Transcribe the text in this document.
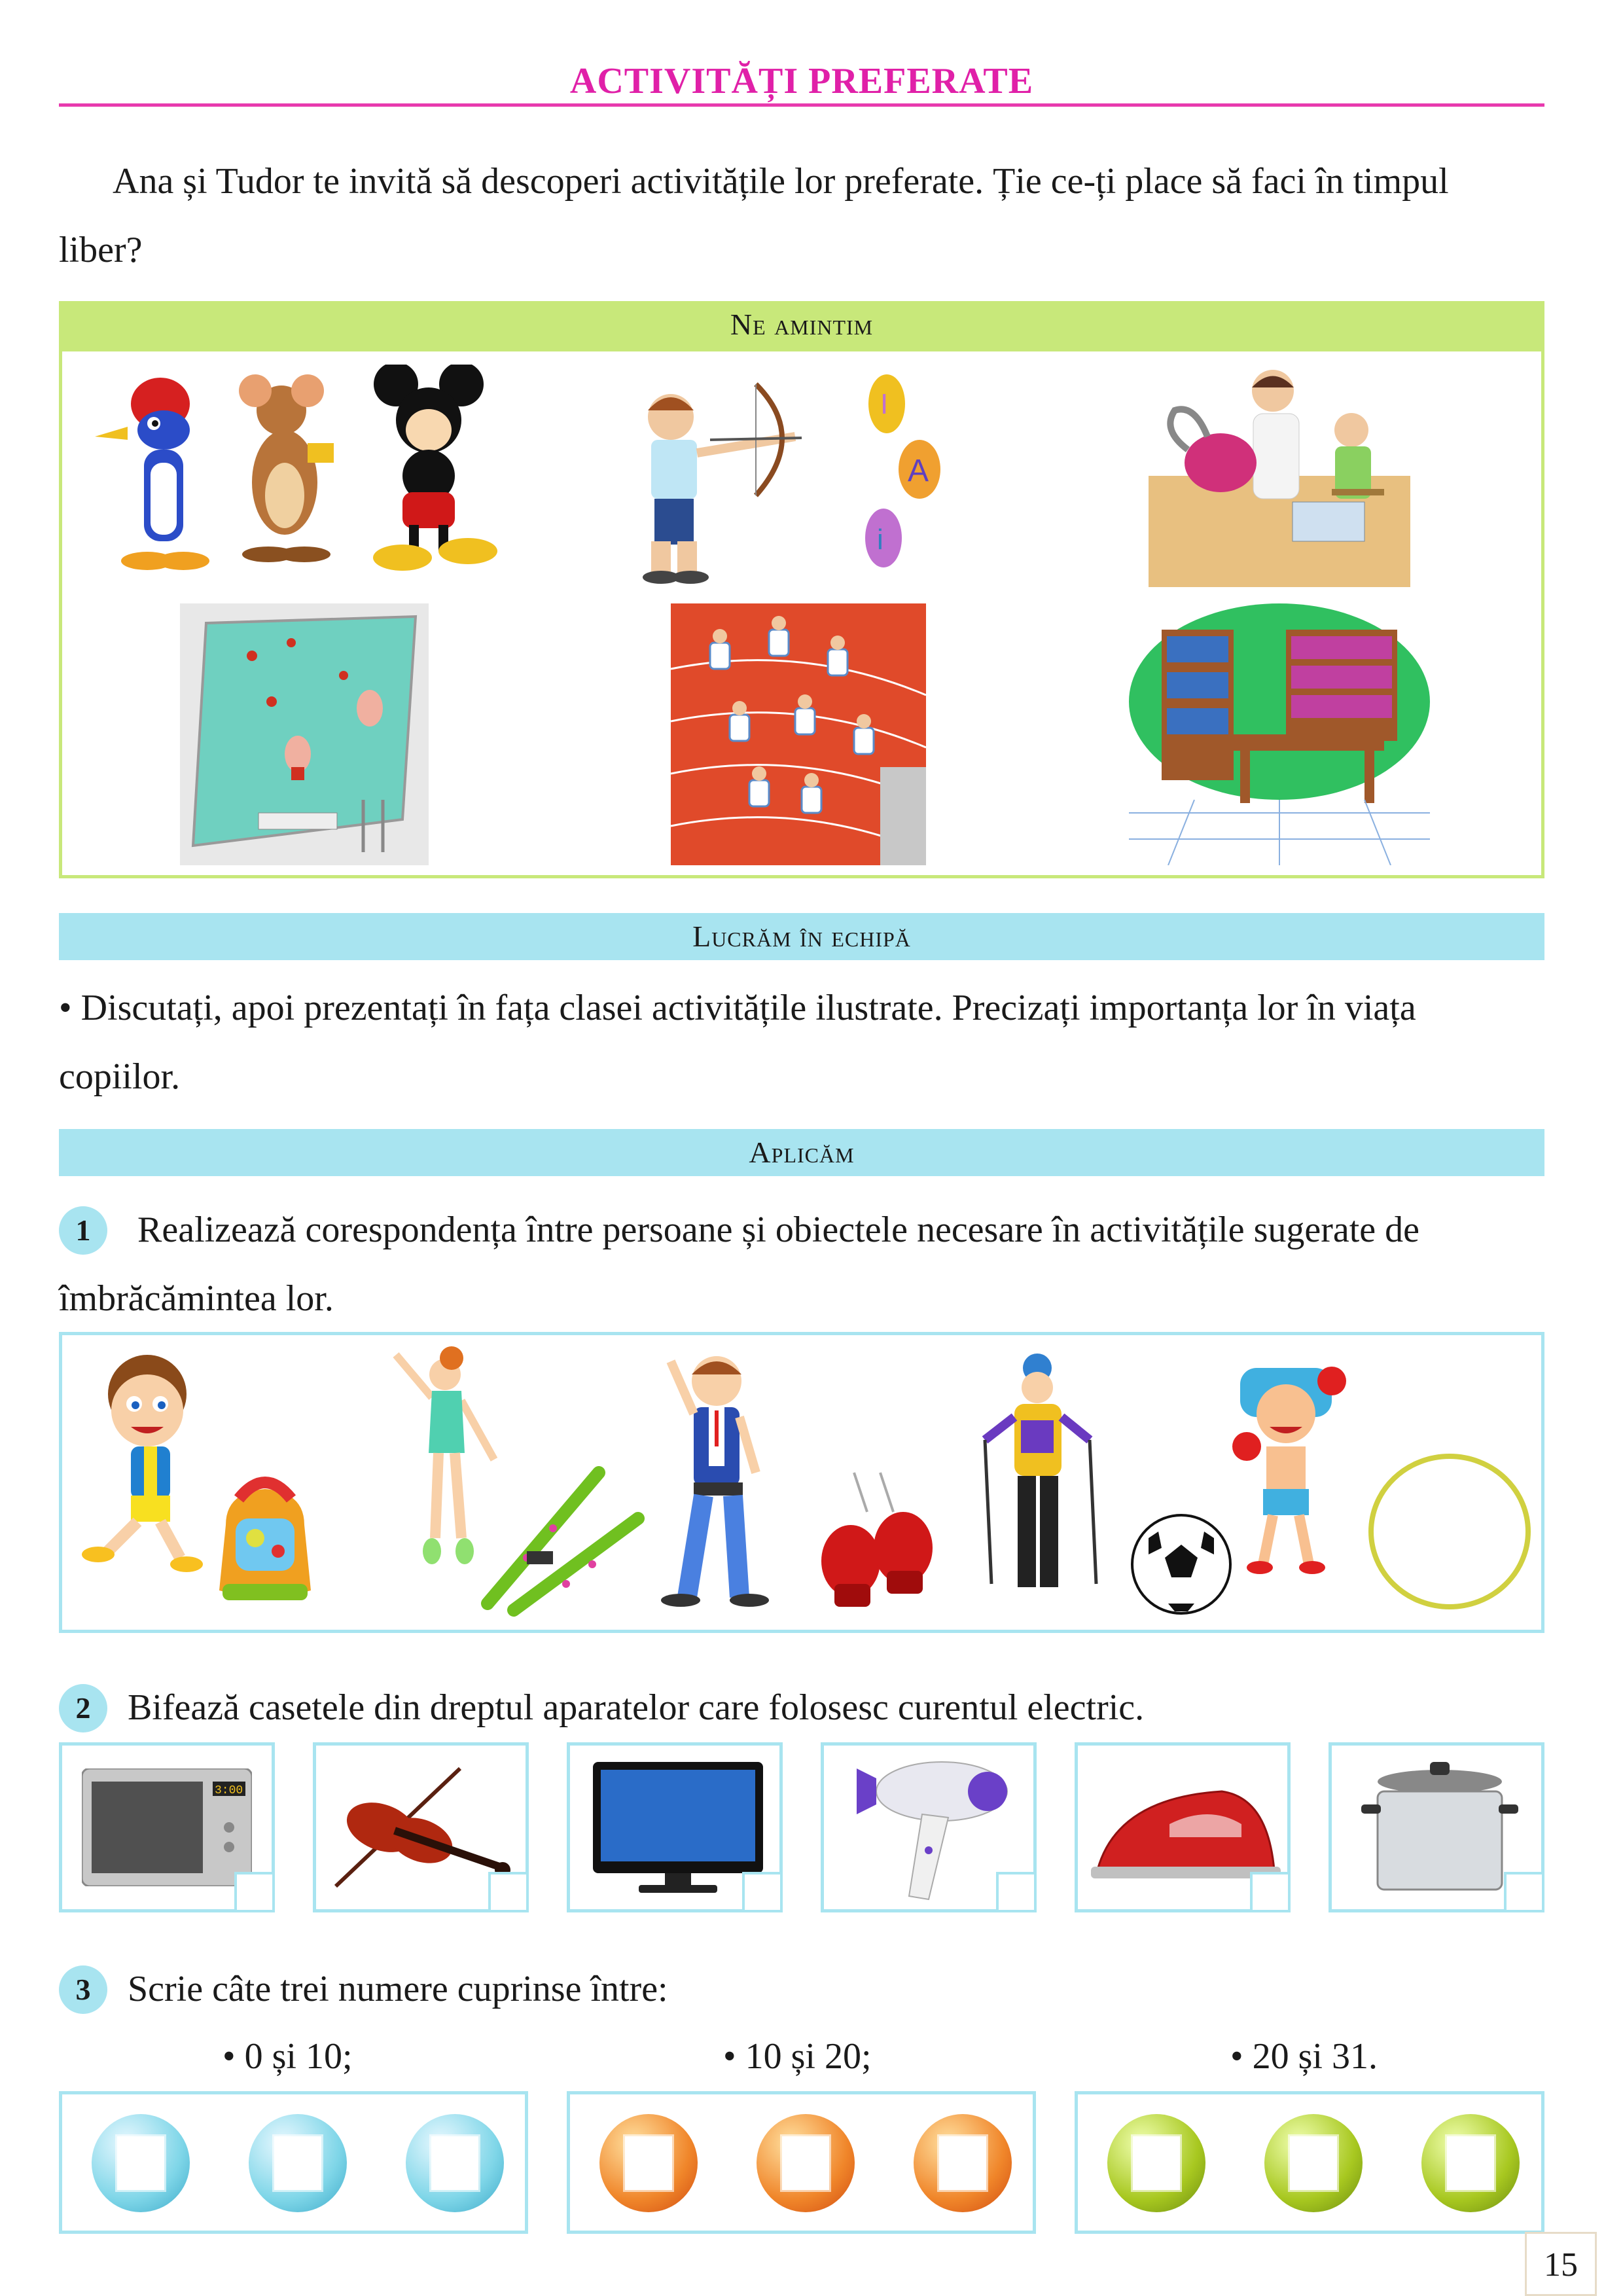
ACTIVITĂȚI PREFERATE
Ana și Tudor te invită să descoperi activitățile lor preferate. Ție ce-ți place să faci în timpul
liber?
Ne amintim
I
A
i
Lucrăm în echipă
• Discutați, apoi prezentați în fața clasei activitățile ilustrate. Precizați importanța lor în viața
copiilor.
Aplicăm
1	Realizează corespondența între persoane și obiectele necesare în activitățile sugerate de
îmbrăcămintea lor.
2	Bifează casetele din dreptul aparatelor care folosesc curentul electric.
3:00
3	Scrie câte trei numere cuprinse între:
• 0 și 10;	• 10 și 20;	• 20 și 31.
15
